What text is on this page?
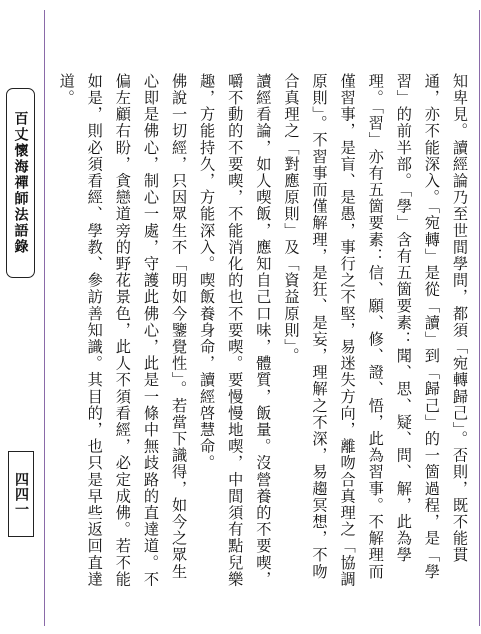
百丈懷海禪師法語錄
四四一	知卑見。讀經論乃至世間學問，都須「宛轉歸己」。否則，既不能貫通，亦不能深入。「宛轉」是從「讀」到「歸己」的一箇過程，是「學習」的前半部。「學」含有五箇要素：聞、思、疑、問、解，此為學理。「習」亦有五箇要素：信、願、修、證、悟，此為習事。不解理而僅習事，是盲、是愚，事行之不堅，易迷失方向，離吻合真理之「協調原則」。不習事而僅解理，是狂、是妄，理解之不深，易趨冥想，不吻合真理之「對應原則」及「資益原則」。

讀經看論，如人喫飯，應知自己口味，體質，飯量。沒營養的不要喫，嚼不動的不要喫，不能消化的也不要喫。要慢慢地喫，中間須有點兒樂趣，方能持久，方能深入。喫飯養身命，讀經啓慧命。

佛說一切經，只因眾生不「明如今鑒覺性」。若當下識得，如今之眾生心即是佛心，制心一處，守護此佛心，此是一條中無歧路的直達道。不偏左顧右盼，貪戀道旁的野花景色，此人不須看經，必定成佛。若不能如是，則必須看經、學教、參訪善知識。其目的，也只是早些返回直達道。
